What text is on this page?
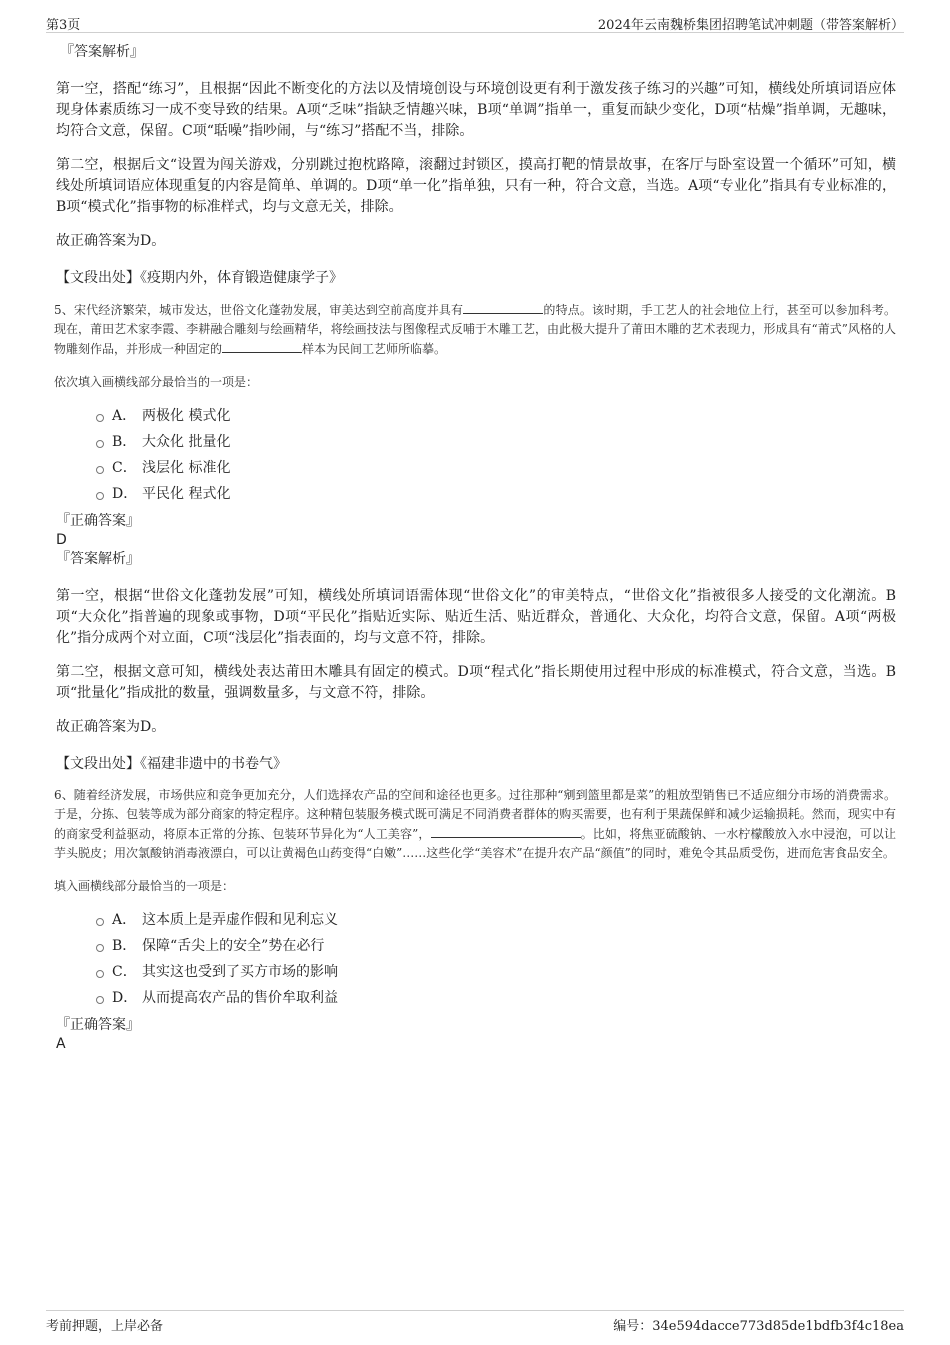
第3页	2024年云南魏桥集团招聘笔试冲刺题（带答案解析）
『答案解析』

第一空，搭配“练习”，且根据“因此不断变化的方法以及情境创设与环境创设更有利于激发孩子练习的兴趣”可知，横线处所填词语应体现身体素质练习一成不变导致的结果。A项“乏味”指缺乏情趣兴味，B项“单调”指单一，重复而缺少变化，D项“枯燥”指单调，无趣味，均符合文意，保留。C项“聒噪”指吵闹，与“练习”搭配不当，排除。

第二空，根据后文“设置为闯关游戏，分别跳过抱枕路障，滚翻过封锁区，摸高打靶的情景故事，在客厅与卧室设置一个循环”可知，横线处所填词语应体现重复的内容是简单、单调的。D项“单一化”指单独，只有一种，符合文意，当选。A项“专业化”指具有专业标准的，B项“模式化”指事物的标准样式，均与文意无关，排除。

故正确答案为D。
【文段出处】《疫期内外，体育锻造健康学子》

5、宋代经济繁荣，城市发达，世俗文化蓬勃发展，审美达到空前高度并具有	的特点。该时期，手工艺人的社会地位上行，甚至可以参加科考。现在，莆田艺术家李霞、李耕融合雕刻与绘画精华，将绘画技法与图像程式反哺于木雕工艺，由此极大提升了莆田木雕的艺术表现力，形成具有“莆式”风格的人物雕刻作品，并形成一种固定的	样本为民间工艺师所临摹。

依次填入画横线部分最恰当的一项是：
A． 两极化 模式化
B． 大众化 批量化
C． 浅层化 标准化
D． 平民化 程式化
『正确答案』
D
『答案解析』

第一空，根据“世俗文化蓬勃发展”可知，横线处所填词语需体现“世俗文化”的审美特点，“世俗文化”指被很多人接受的文化潮流。B项“大众化”指普遍的现象或事物，D项“平民化”指贴近实际、贴近生活、贴近群众，普通化、大众化，均符合文意，保留。A项“两极化”指分成两个对立面，C项“浅层化”指表面的，均与文意不符，排除。

第二空，根据文意可知，横线处表达莆田木雕具有固定的模式。D项“程式化”指长期使用过程中形成的标准模式，符合文意，当选。B项“批量化”指成批的数量，强调数量多，与文意不符，排除。

故正确答案为D。
【文段出处】《福建非遗中的书卷气》

6、随着经济发展，市场供应和竞争更加充分，人们选择农产品的空间和途径也更多。过往那种“剜到篮里都是菜”的粗放型销售已不适应细分市场的消费需求。于是，分拣、包装等成为部分商家的特定程序。这种精包装服务模式既可满足不同消费者群体的购买需要，也有利于果蔬保鲜和减少运输损耗。然而，现实中有的商家受利益驱动，将原本正常的分拣、包装环节异化为“人工美容”，	。比如，将焦亚硫酸钠、一水柠檬酸放入水中浸泡，可以让芋头脱皮；用次氯酸钠消毒液漂白，可以让黄褐色山药变得“白嫩”……这些化学“美容术”在提升农产品“颜值”的同时，难免令其品质受伤，进而危害食品安全。

填入画横线部分最恰当的一项是：
A． 这本质上是弄虚作假和见利忘义
B． 保障“舌尖上的安全”势在必行
C． 其实这也受到了买方市场的影响
D． 从而提高农产品的售价牟取利益
『正确答案』
A
考前押题，上岸必备	编号：34e594dacce773d85de1bdfb3f4c18ea
